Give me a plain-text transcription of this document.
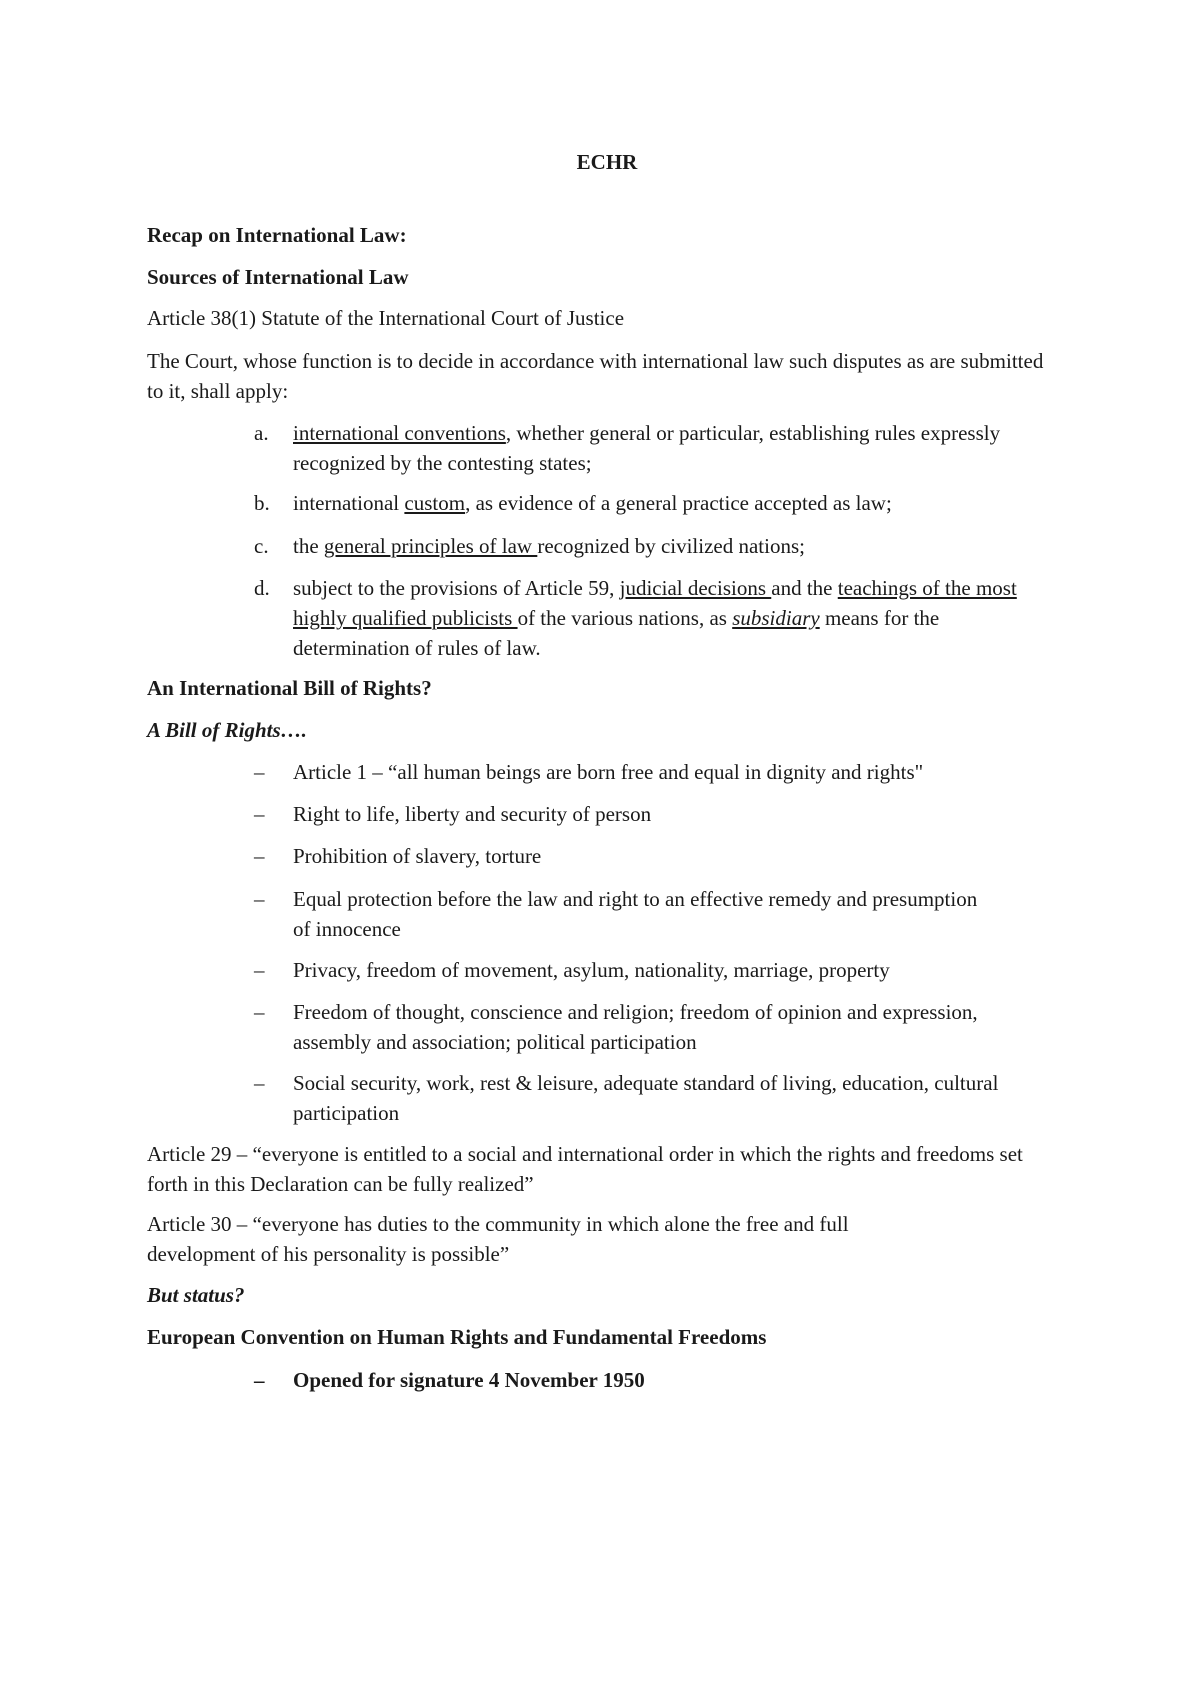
ECHR
Recap on International Law:
Sources of International Law
Article 38(1) Statute of the International Court of Justice
The Court, whose function is to decide in accordance with international law such disputes as are submitted to it, shall apply:
a. international conventions, whether general or particular, establishing rules expressly recognized by the contesting states;
b. international custom, as evidence of a general practice accepted as law;
c. the general principles of law recognized by civilized nations;
d. subject to the provisions of Article 59, judicial decisions and the teachings of the most highly qualified publicists of the various nations, as subsidiary means for the determination of rules of law.
An International Bill of Rights?
A Bill of Rights….
– Article 1 – “all human beings are born free and equal in dignity and rights"
– Right to life, liberty and security of person
– Prohibition of slavery, torture
– Equal protection before the law and right to an effective remedy and presumption of innocence
– Privacy, freedom of movement, asylum, nationality, marriage, property
– Freedom of thought, conscience and religion; freedom of opinion and expression, assembly and association; political participation
– Social security, work, rest & leisure, adequate standard of living, education, cultural participation
Article 29 – “everyone is entitled to a social and international order in which the rights and freedoms set forth in this Declaration can be fully realized”
Article 30 – “everyone has duties to the community in which alone the free and full development of his personality is possible”
But status?
European Convention on Human Rights and Fundamental Freedoms
– Opened for signature 4 November 1950
